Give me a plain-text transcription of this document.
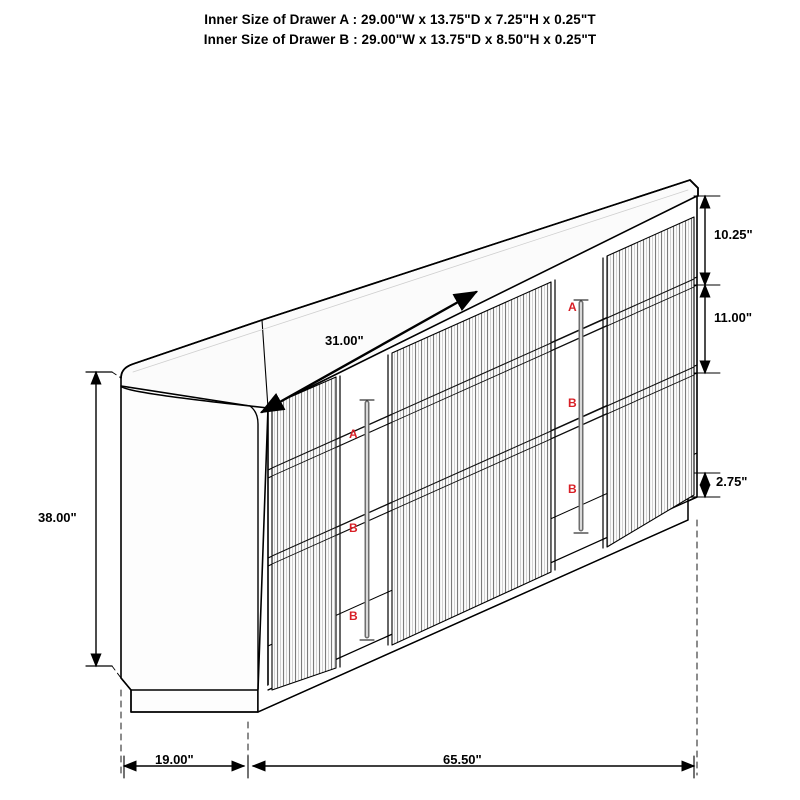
Inner Size of Drawer A : 29.00"W x 13.75"D x 7.25"H x 0.25"T
Inner Size of Drawer B : 29.00"W x 13.75"D x 8.50"H x 0.25"T
31.00"
38.00"
10.25"
11.00"
2.75"
19.00"	65.50"
A
B
B
A
B
B
